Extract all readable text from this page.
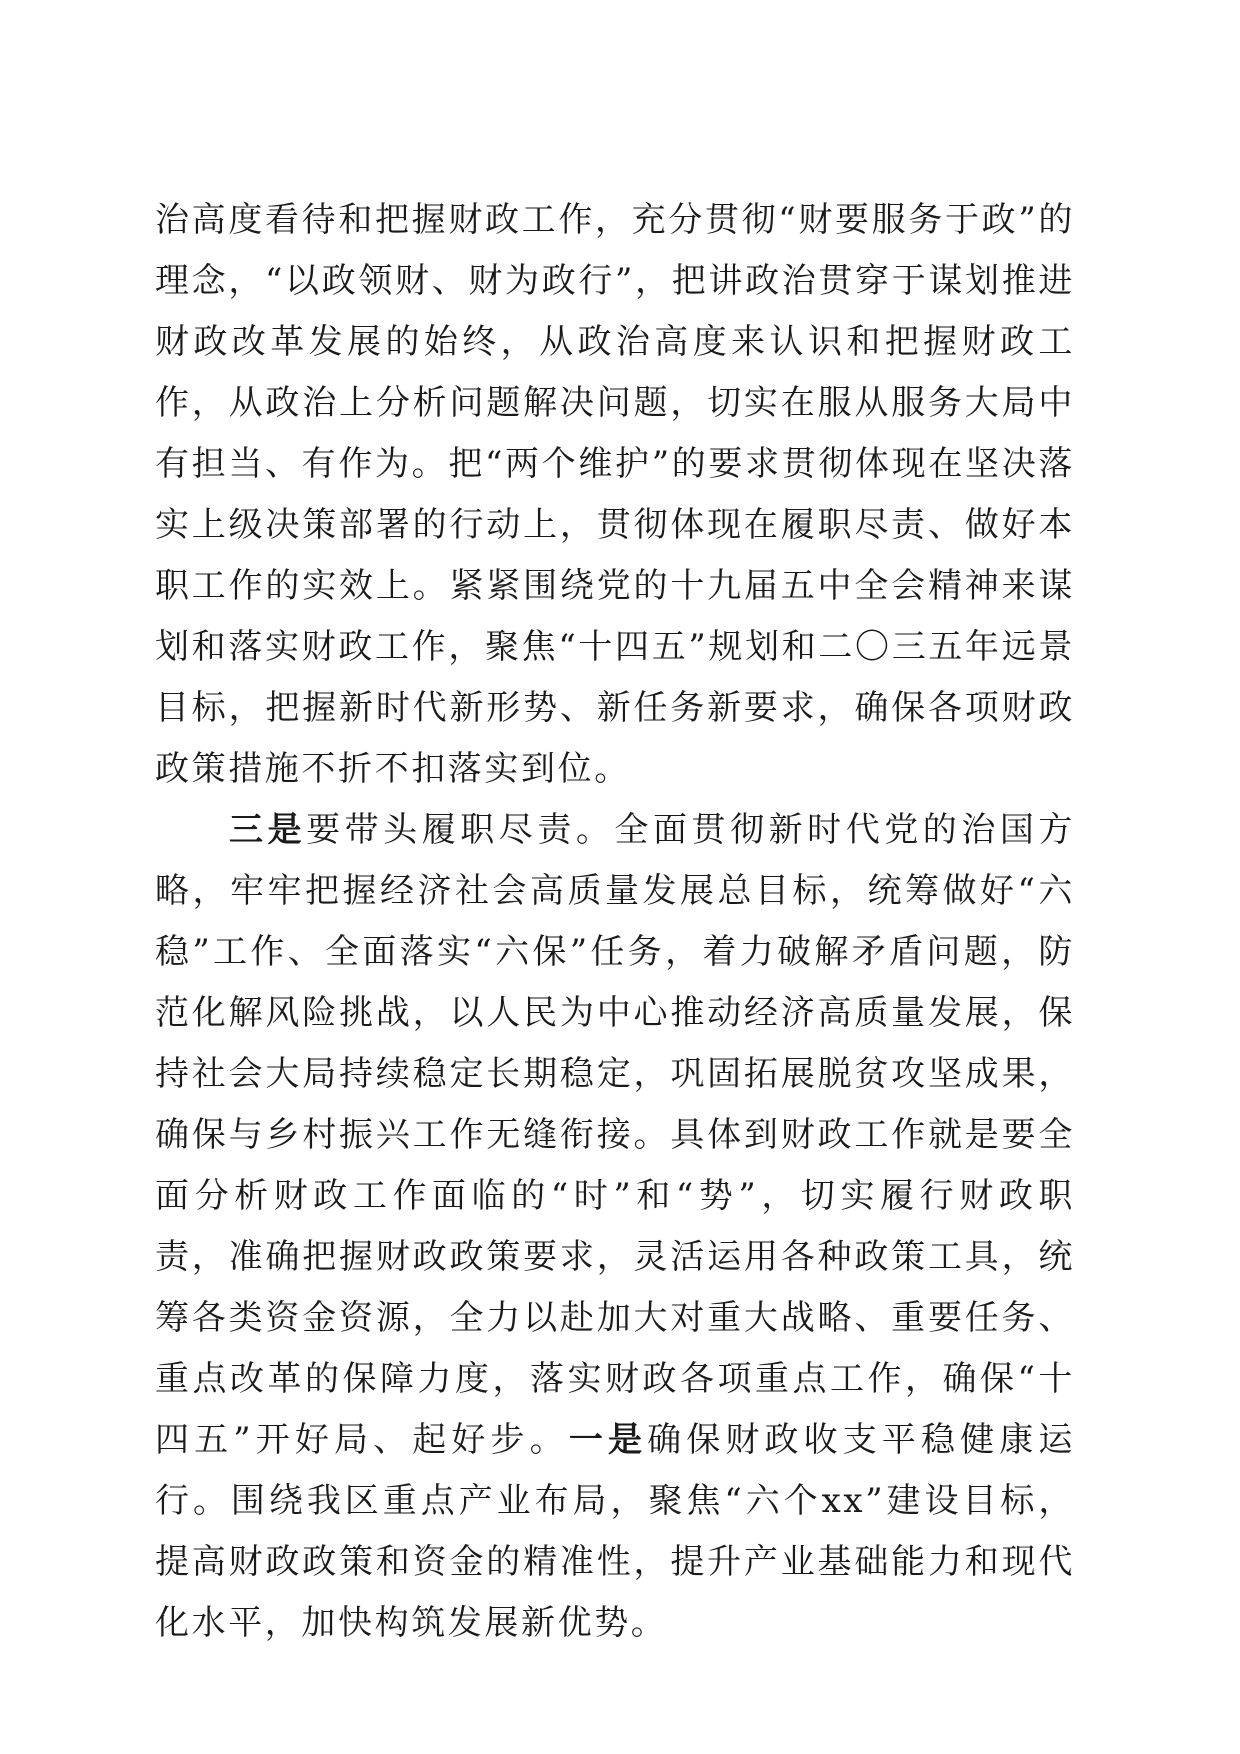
治高度看待和把握财政工作，充分贯彻“财要服务于政”的理念，“以政领财、财为政行”，把讲政治贯穿于谋划推进财政改革发展的始终，从政治高度来认识和把握财政工作，从政治上分析问题解决问题，切实在服从服务大局中有担当、有作为。把“两个维护”的要求贯彻体现在坚决落实上级决策部署的行动上，贯彻体现在履职尽责、做好本职工作的实效上。紧紧围绕党的十九届五中全会精神来谋划和落实财政工作，聚焦“十四五”规划和二〇三五年远景目标，把握新时代新形势、新任务新要求，确保各项财政政策措施不折不扣落实到位。

三是要带头履职尽责。全面贯彻新时代党的治国方略，牢牢把握经济社会高质量发展总目标，统筹做好“六稳”工作、全面落实“六保”任务，着力破解矛盾问题，防范化解风险挑战，以人民为中心推动经济高质量发展，保持社会大局持续稳定长期稳定，巩固拓展脱贫攻坚成果，确保与乡村振兴工作无缝衔接。具体到财政工作就是要全面分析财政工作面临的“时”和“势”，切实履行财政职责，准确把握财政政策要求，灵活运用各种政策工具，统筹各类资金资源，全力以赴加大对重大战略、重要任务、重点改革的保障力度，落实财政各项重点工作，确保“十四五”开好局、起好步。一是确保财政收支平稳健康运行。围绕我区重点产业布局，聚焦“六个xx”建设目标，提高财政政策和资金的精准性，提升产业基础能力和现代化水平，加快构筑发展新优势。
